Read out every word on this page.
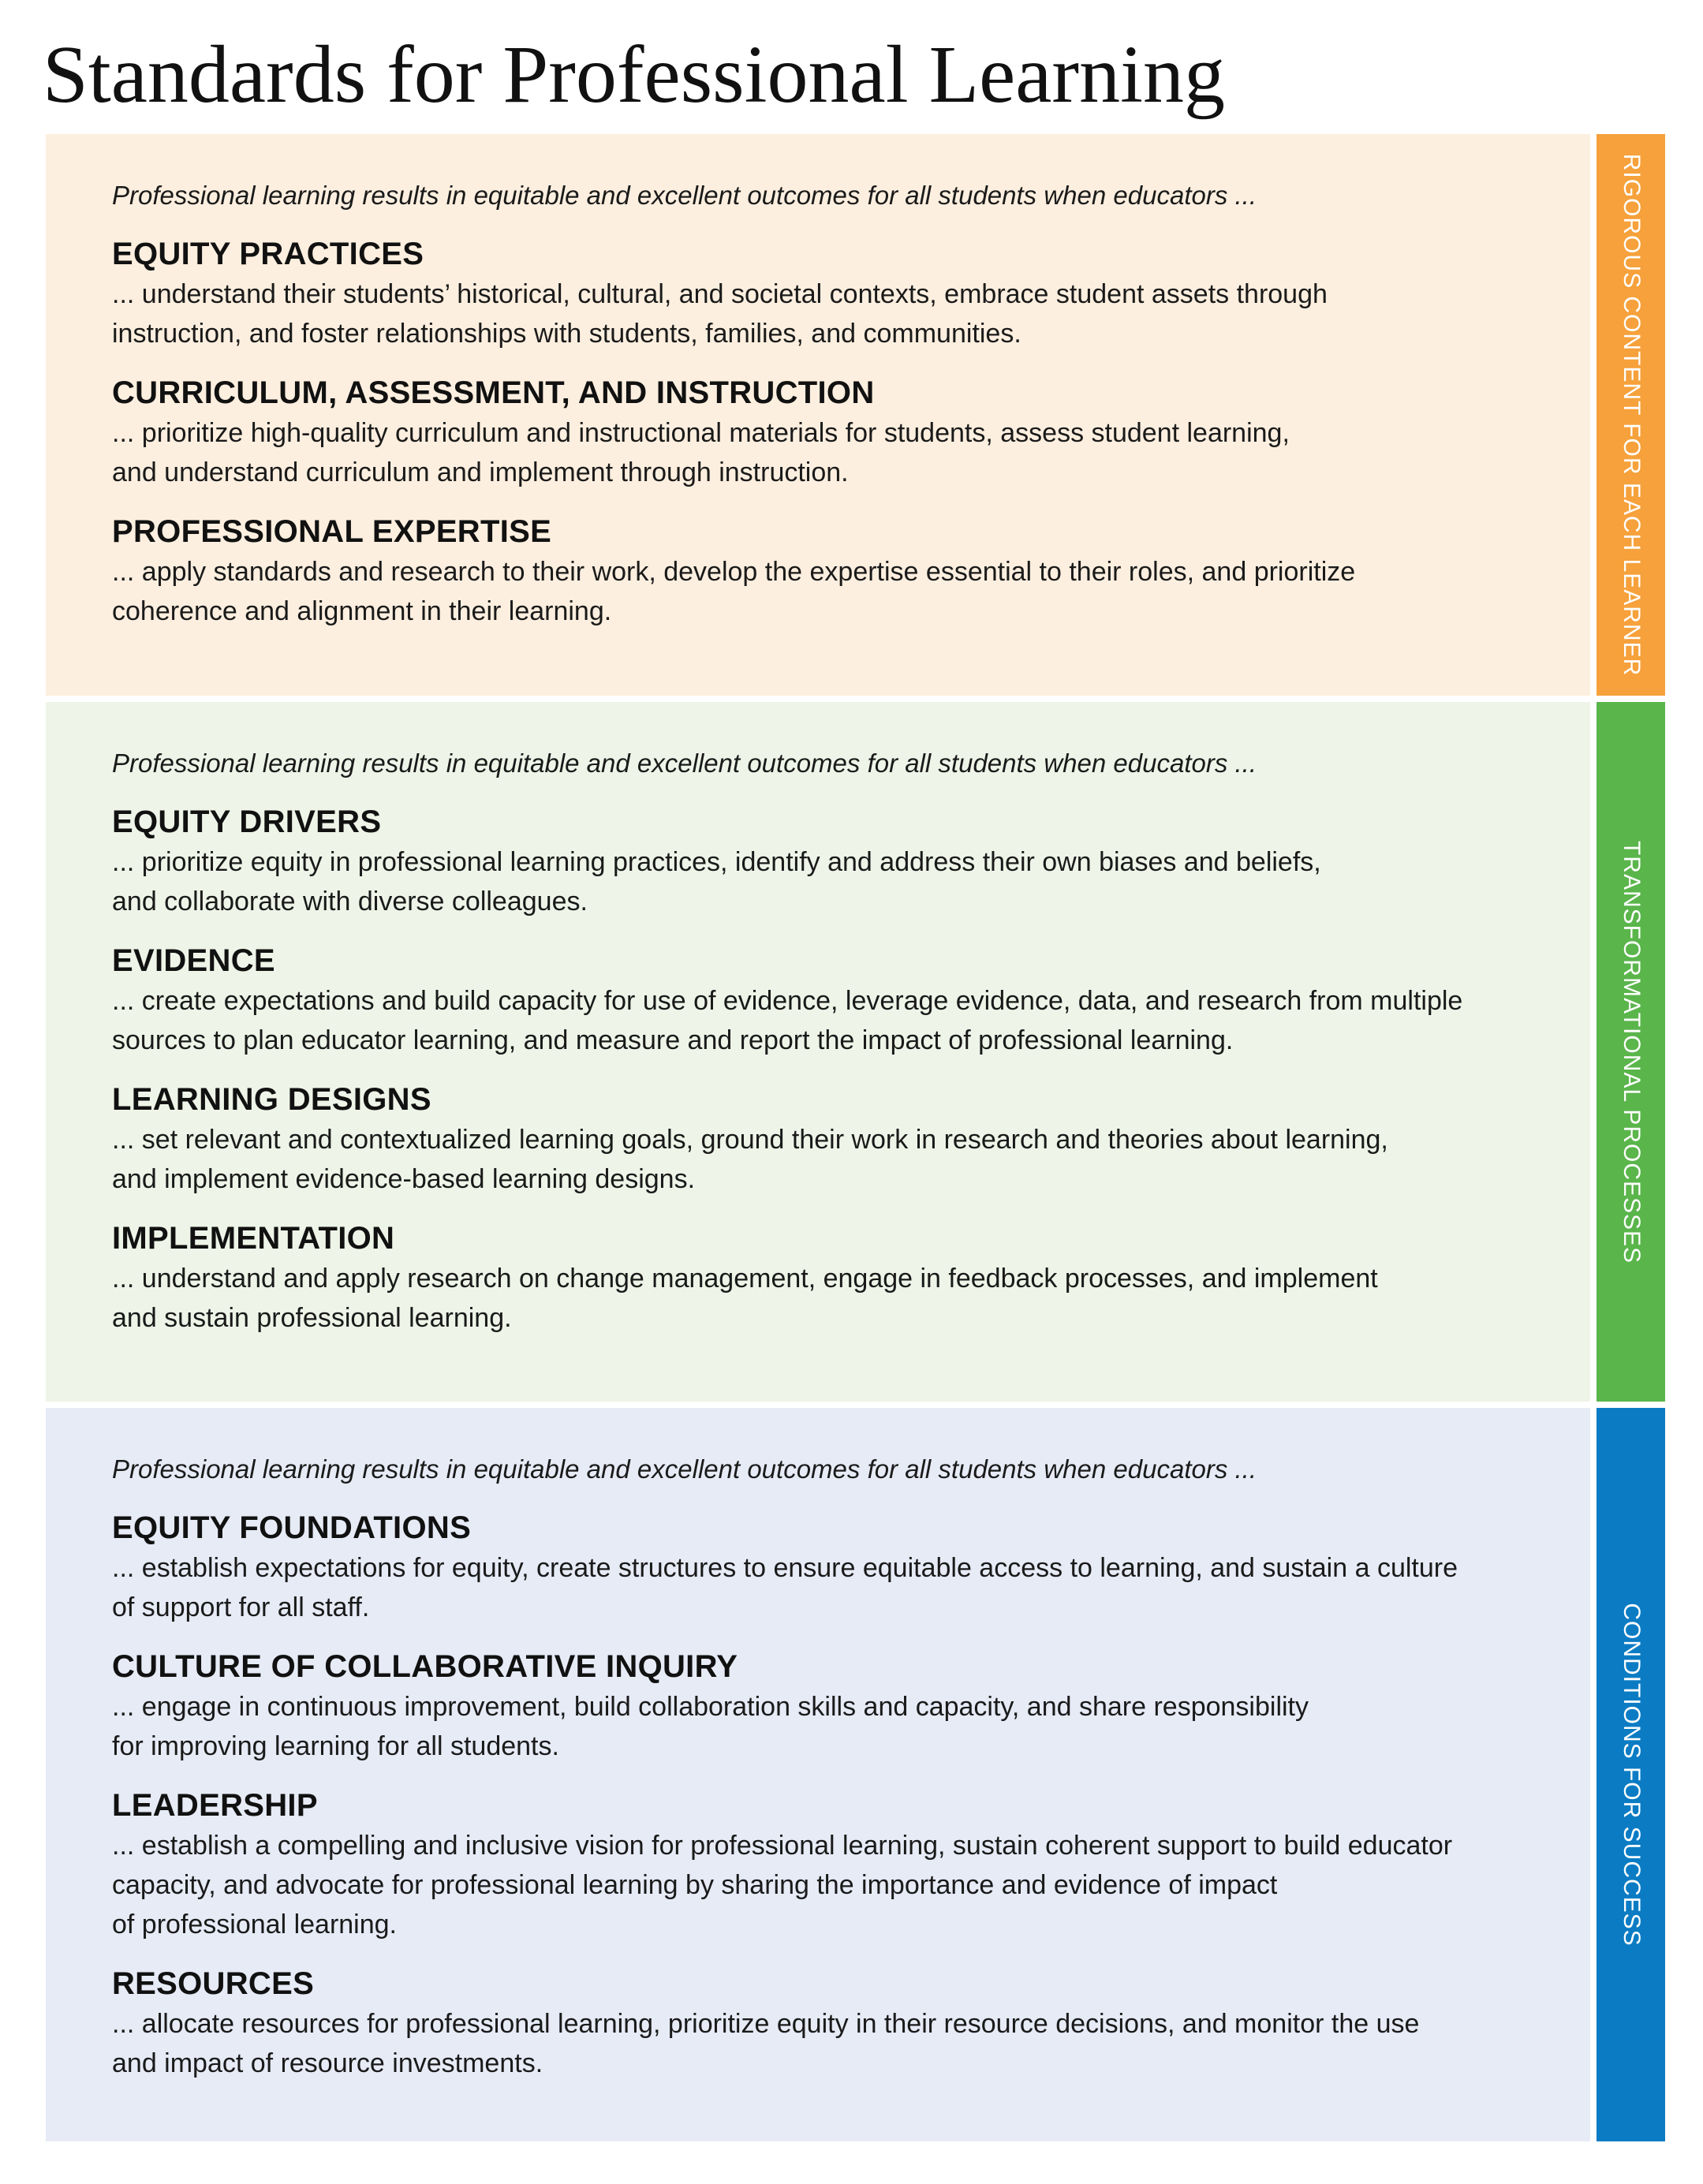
Standards for Professional Learning

Professional learning results in equitable and excellent outcomes for all students when educators ...

EQUITY PRACTICES

... understand their students’ historical, cultural, and societal contexts, embrace student assets through
instruction, and foster relationships with students, families, and communities.

CURRICULUM, ASSESSMENT, AND INSTRUCTION

... prioritize high-quality curriculum and instructional materials for students, assess student learning,
and understand curriculum and implement through instruction.

PROFESSIONAL EXPERTISE

... apply standards and research to their work, develop the expertise essential to their roles, and prioritize
coherence and alignment in their learning.	RIGOROUS CONTENT FOR EACH LEARNER

Professional learning results in equitable and excellent outcomes for all students when educators ...

EQUITY DRIVERS

... prioritize equity in professional learning practices, identify and address their own biases and beliefs,
and collaborate with diverse colleagues.

EVIDENCE

... create expectations and build capacity for use of evidence, leverage evidence, data, and research from multiple
sources to plan educator learning, and measure and report the impact of professional learning.

LEARNING DESIGNS

... set relevant and contextualized learning goals, ground their work in research and theories about learning,
and implement evidence-based learning designs.

IMPLEMENTATION

... understand and apply research on change management, engage in feedback processes, and implement
and sustain professional learning.

TRANSFORMATIONAL PROCESSES

Professional learning results in equitable and excellent outcomes for all students when educators ...

EQUITY FOUNDATIONS

... establish expectations for equity, create structures to ensure equitable access to learning, and sustain a culture
of support for all staff.

CULTURE OF COLLABORATIVE INQUIRY

... engage in continuous improvement, build collaboration skills and capacity, and share responsibility
for improving learning for all students.

LEADERSHIP

... establish a compelling and inclusive vision for professional learning, sustain coherent support to build educator
capacity, and advocate for professional learning by sharing the importance and evidence of impact
of professional learning.

RESOURCES

... allocate resources for professional learning, prioritize equity in their resource decisions, and monitor the use
and impact of resource investments.

CONDITIONS FOR SUCCESS
